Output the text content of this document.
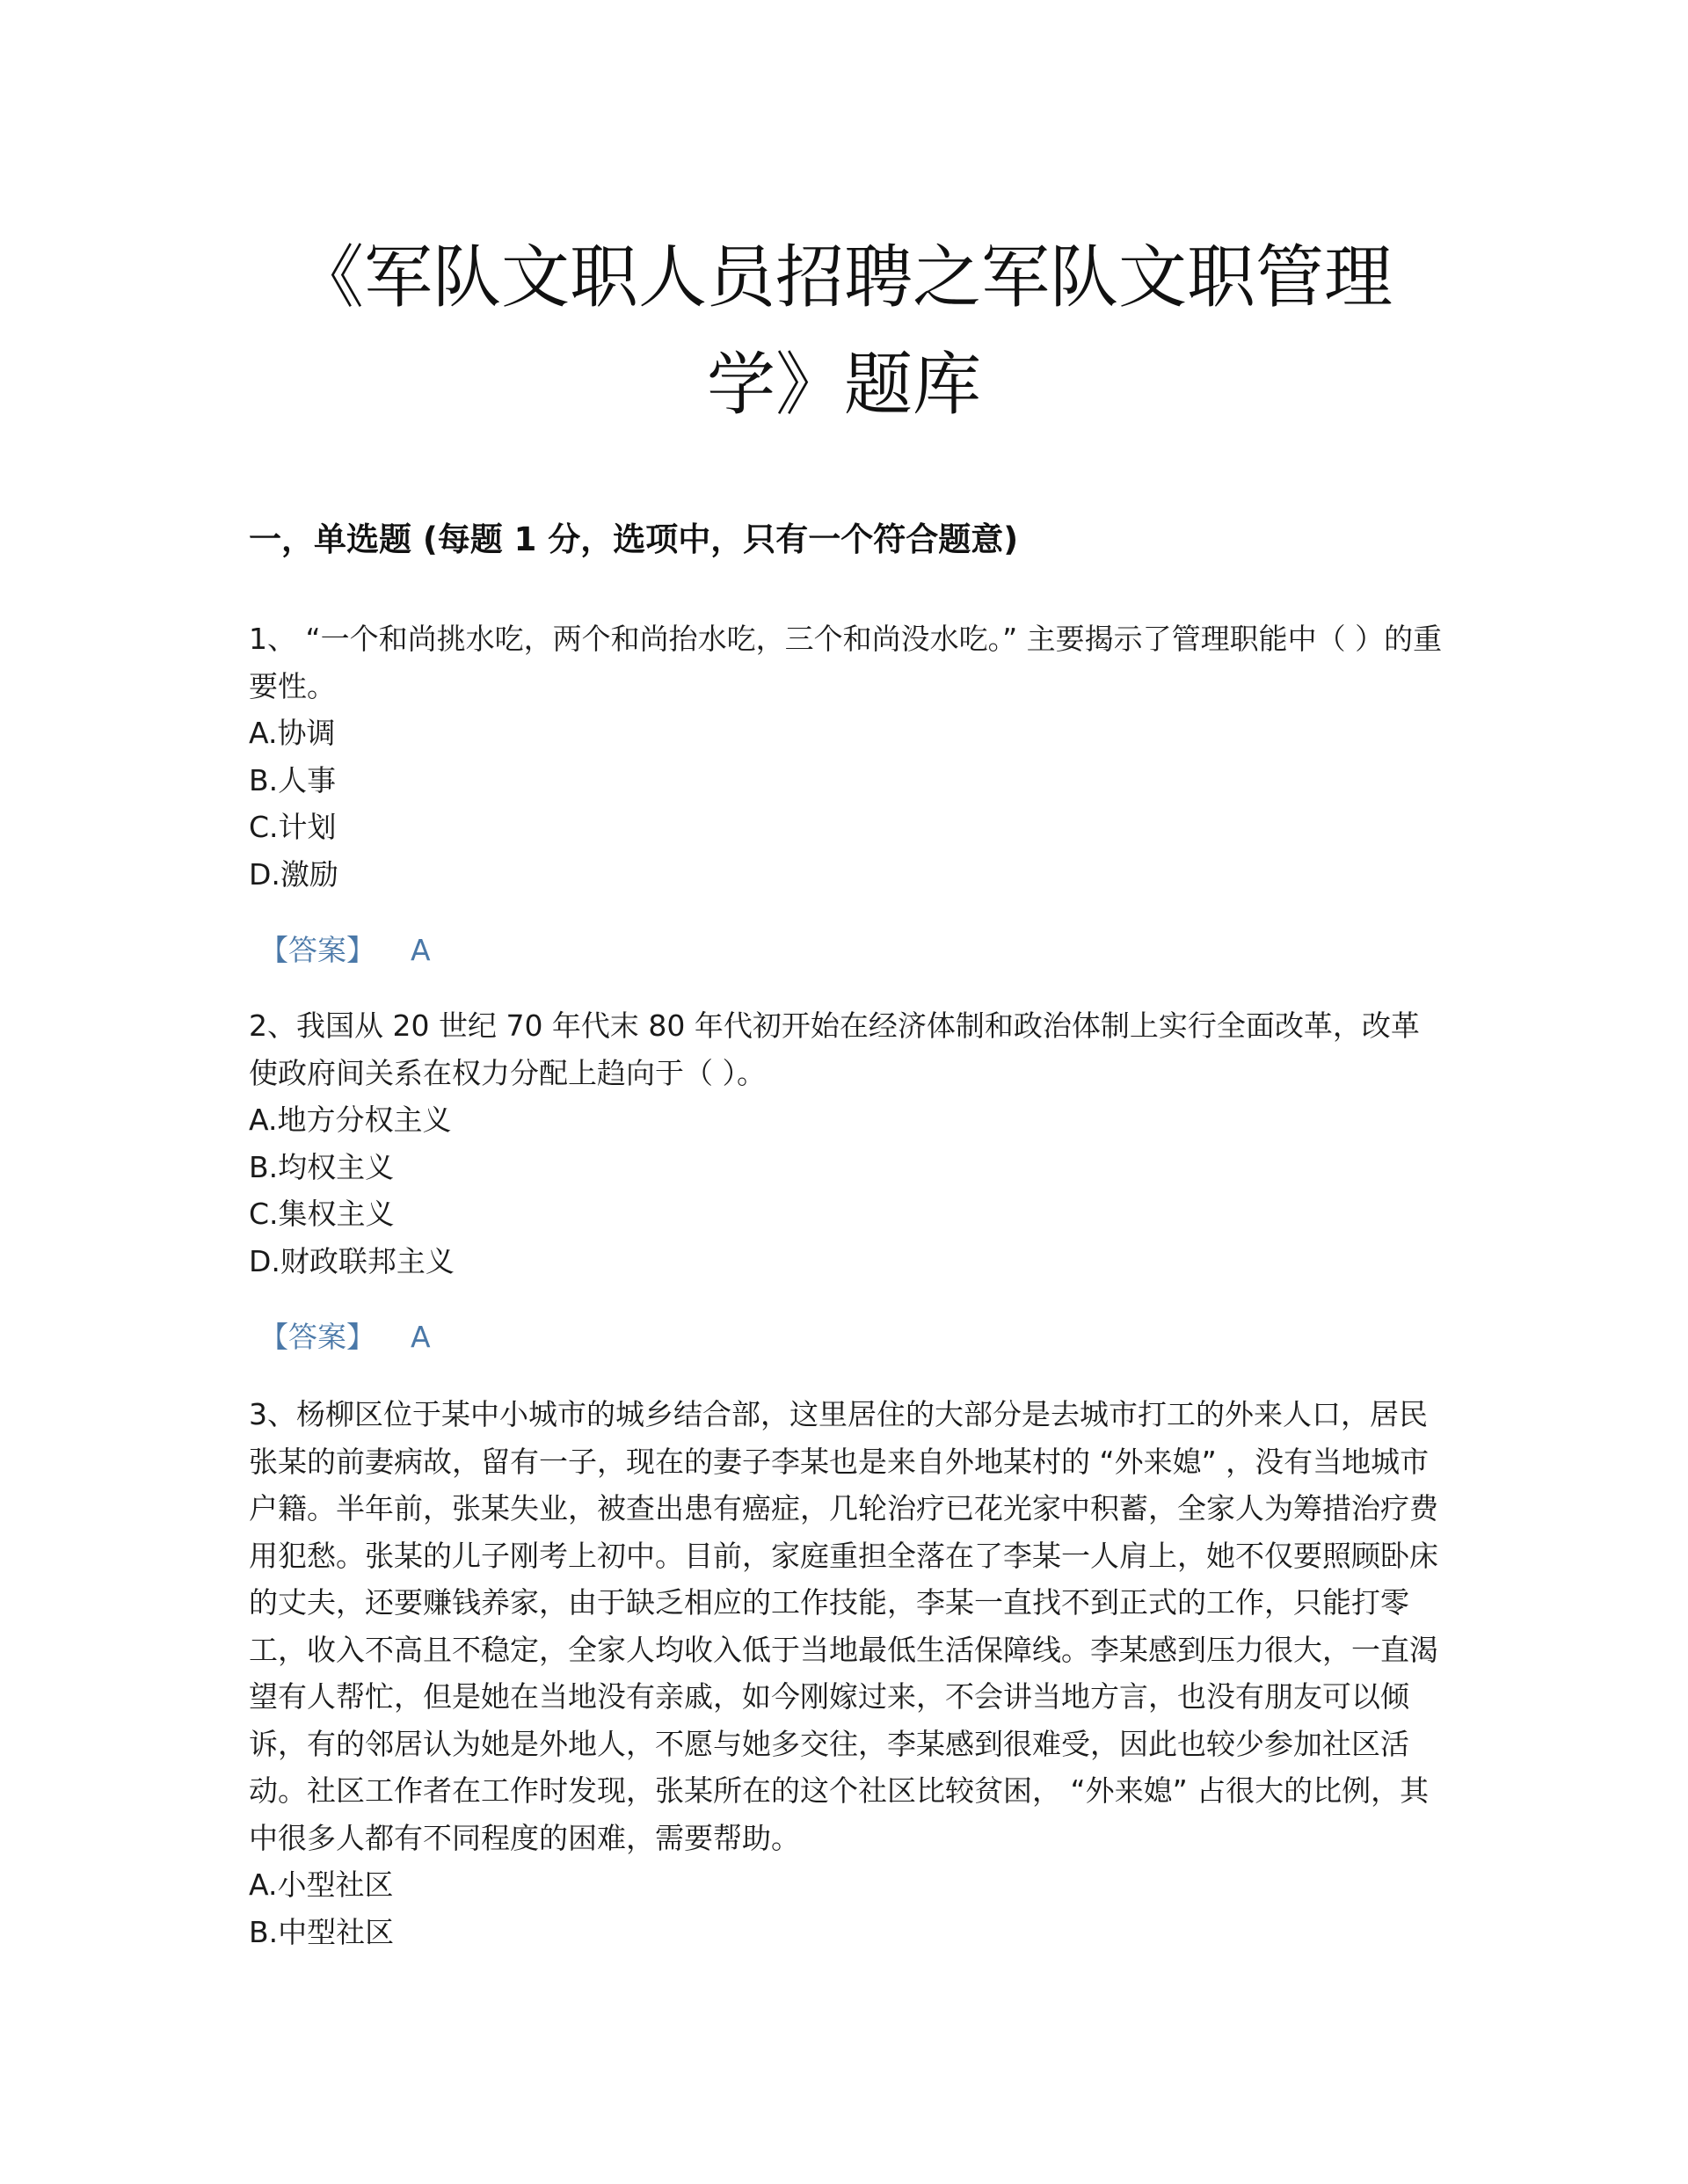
《军队文职人员招聘之军队文职管理学》题库
一，单选题 (每题 1 分，选项中，只有一个符合题意)

1、 “一个和尚挑水吃，两个和尚抬水吃，三个和尚没水吃。” 主要揭示了管理职能中（ ）的重要性。

A.协调

B.人事

C.计划

D.激励

【答案】 A

2、我国从 20 世纪 70 年代末 80 年代初开始在经济体制和政治体制上实行全面改革，改革使政府间关系在权力分配上趋向于（ ）。

A.地方分权主义

B.均权主义

C.集权主义

D.财政联邦主义

【答案】 A

3、杨柳区位于某中小城市的城乡结合部，这里居住的大部分是去城市打工的外来人口，居民张某的前妻病故，留有一子，现在的妻子李某也是来自外地某村的 “外来媳” ，没有当地城市户籍。半年前，张某失业，被查出患有癌症，几轮治疗已花光家中积蓄，全家人为筹措治疗费用犯愁。张某的儿子刚考上初中。目前，家庭重担全落在了李某一人肩上，她不仅要照顾卧床的丈夫，还要赚钱养家，由于缺乏相应的工作技能，李某一直找不到正式的工作，只能打零工，收入不高且不稳定，全家人均收入低于当地最低生活保障线。李某感到压力很大，一直渴望有人帮忙，但是她在当地没有亲戚，如今刚嫁过来，不会讲当地方言，也没有朋友可以倾诉，有的邻居认为她是外地人，不愿与她多交往，李某感到很难受，因此也较少参加社区活动。社区工作者在工作时发现，张某所在的这个社区比较贫困， “外来媳” 占很大的比例，其中很多人都有不同程度的困难，需要帮助。

A.小型社区

B.中型社区
